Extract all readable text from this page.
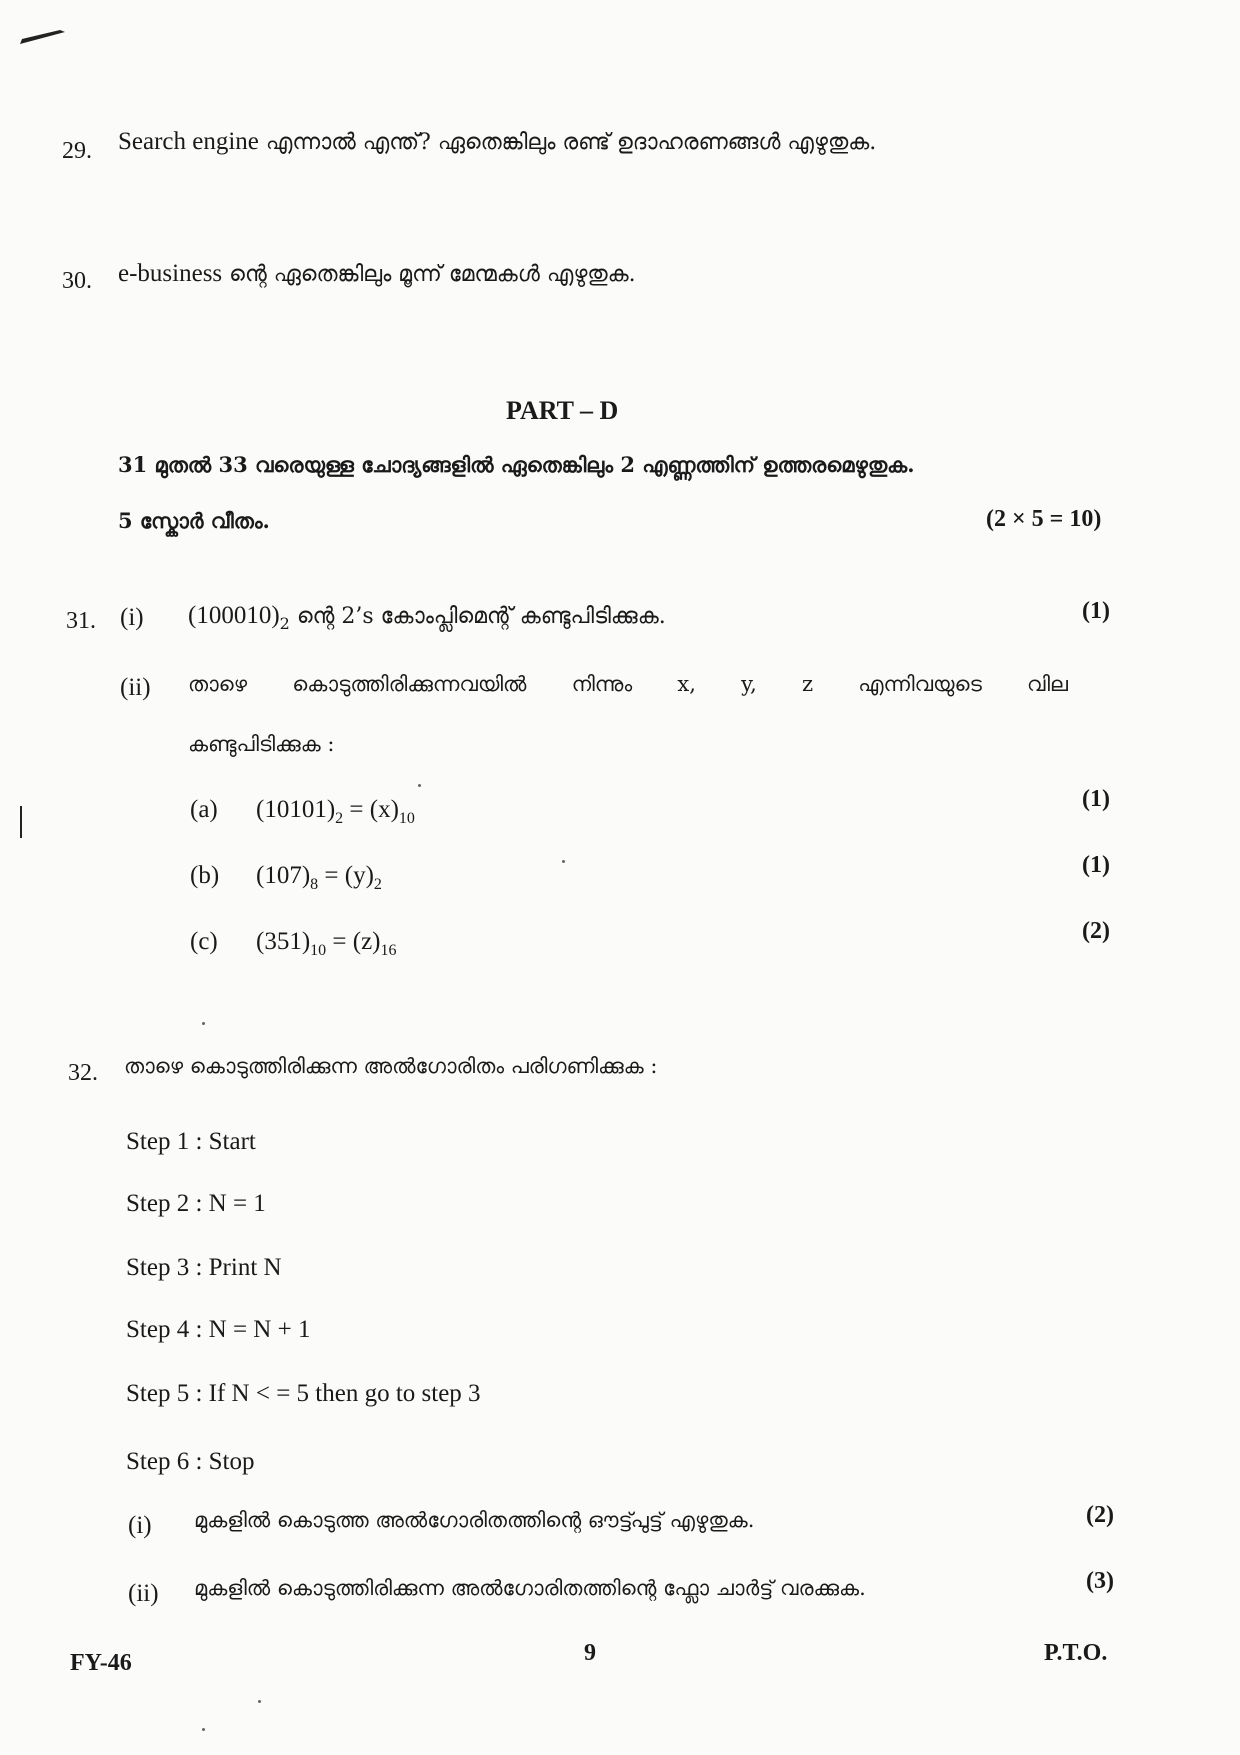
29. Search engine എന്നാൽ എന്ത്? ഏതെങ്കിലും രണ്ട് ഉദാഹരണങ്ങൾ എഴുതുക.
30. e-business ന്റെ ഏതെങ്കിലും മൂന്ന് മേന്മകൾ എഴുതുക.
PART – D
31 മുതൽ 33 വരെയുള്ള ചോദ്യങ്ങളിൽ ഏതെങ്കിലും 2 എണ്ണത്തിന് ഉത്തരമെഴുതുക.
5 സ്കോർ വീതം.	(2 × 5 = 10)
31. (i) $(100010)_2$ ന്റെ 2’s കോംപ്ലിമെന്റ് കണ്ടുപിടിക്കുക.	(1)
(ii) താഴെ കൊടുത്തിരിക്കുന്നവയിൽ നിന്നും x, y, z എന്നിവയുടെ വില
കണ്ടുപിടിക്കുക :
(a) $(10101)_2 = (x)_{10}$
(1)
(b) $(107)_8 = (y)_2$
(1)
(c) $(351)_{10} = (z)_{16}$
(2)
32. താഴെ കൊടുത്തിരിക്കുന്ന അൽഗോരിതം പരിഗണിക്കുക :
Step 1 : Start
Step 2 : N = 1
Step 3 : Print N
Step 4 : N = N + 1
Step 5 : If N < = 5 then go to step 3
Step 6 : Stop
(i) മുകളിൽ കൊടുത്ത അൽഗോരിതത്തിന്റെ ഔട്ട്പുട്ട് എഴുതുക.	(2)
(ii) മുകളിൽ കൊടുത്തിരിക്കുന്ന അൽഗോരിതത്തിന്റെ ഫ്ലോ ചാർട്ട് വരക്കുക.	(3)
FY-46	9	P.T.O.
